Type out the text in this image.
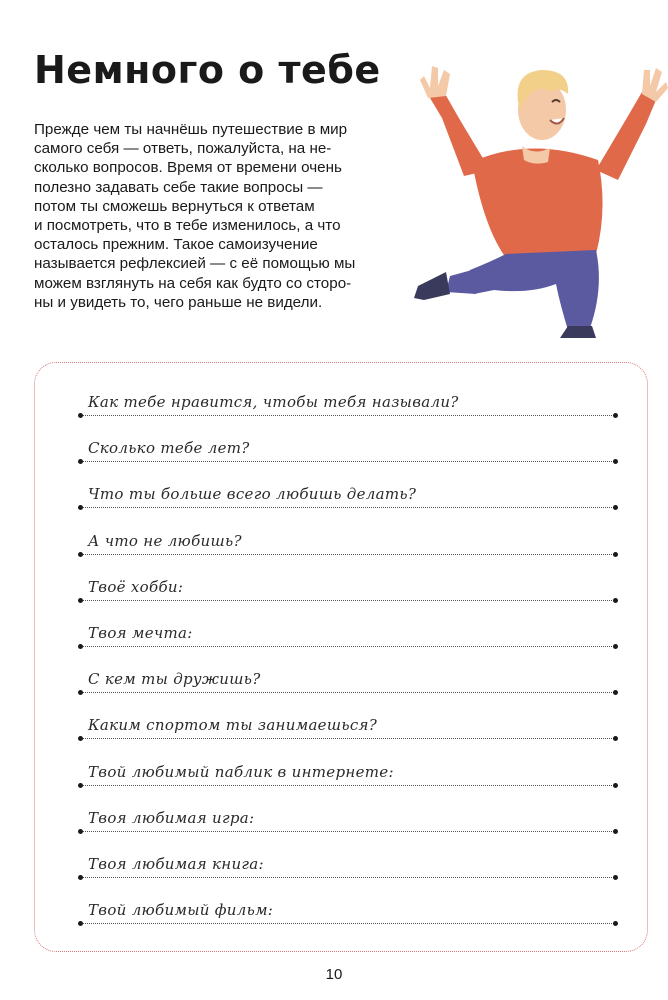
Немного о тебе

Прежде чем ты начнёшь путешествие в мир
самого себя — ответь, пожалуйста, на не-
сколько вопросов. Время от времени очень
полезно задавать себе такие вопросы —
потом ты сможешь вернуться к ответам
и посмотреть, что в тебе изменилось, а что
осталось прежним. Такое самоизучение
называется рефлексией — с её помощью мы
можем взглянуть на себя как будто со сторо-
ны и увидеть то, чего раньше не видели.

Как тебе нравится, чтобы тебя называли?
Сколько тебе лет?
Что ты больше всего любишь делать?
А что не любишь?
Твоё хобби:
Твоя мечта:
С кем ты дружишь?
Каким спортом ты занимаешься?
Твой любимый паблик в интернете:
Твоя любимая игра:
Твоя любимая книга:
Твой любимый фильм:
10
